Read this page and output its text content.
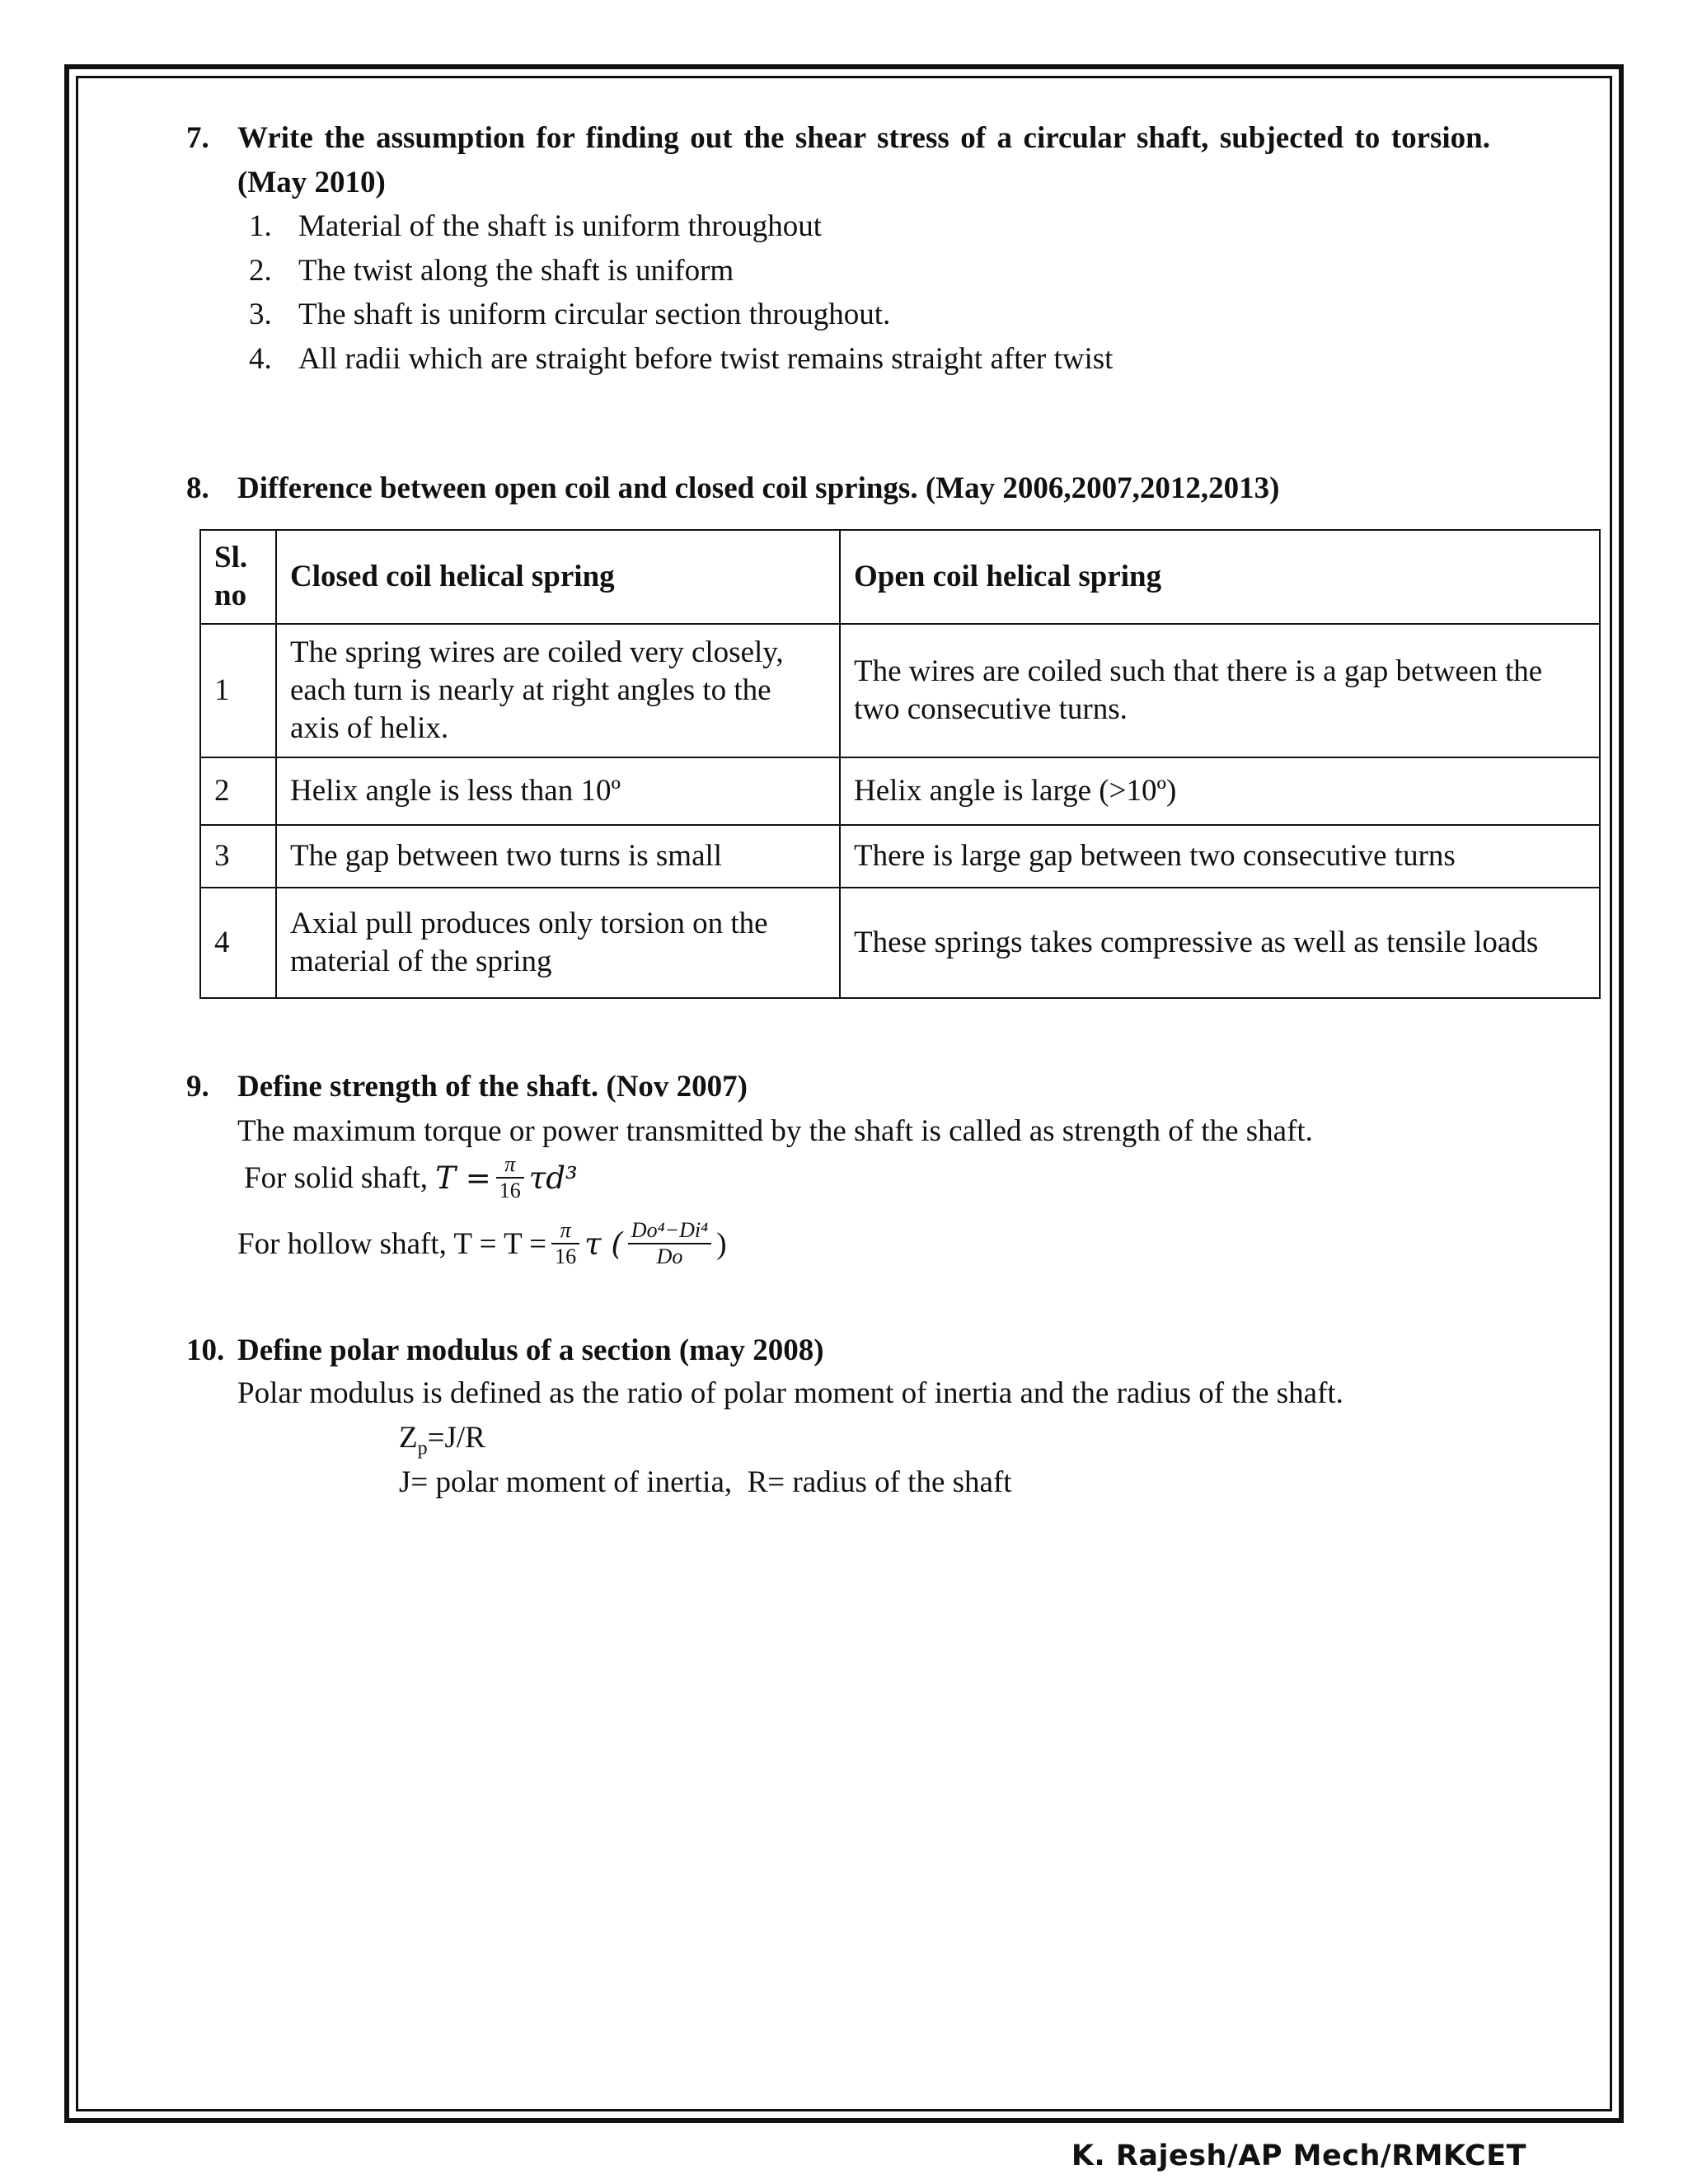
7. Write the assumption for finding out the shear stress of a circular shaft, subjected to torsion. (May 2010)
1. Material of the shaft is uniform throughout
2. The twist along the shaft is uniform
3. The shaft is uniform circular section throughout.
4. All radii which are straight before twist remains straight after twist
8. Difference between open coil and closed coil springs. (May 2006,2007,2012,2013)
Sl. no	Closed coil helical spring	Open coil helical spring
1	The spring wires are coiled very closely, each turn is nearly at right angles to the axis of helix.	The wires are coiled such that there is a gap between the two consecutive turns.
2	Helix angle is less than 10º	Helix angle is large (>10º)
3	The gap between two turns is small	There is large gap between two consecutive turns
4	Axial pull produces only torsion on the material of the spring	These springs takes compressive as well as tensile loads
9. Define strength of the shaft. (Nov 2007)
The maximum torque or power transmitted by the shaft is called as strength of the shaft.
For solid shaft,
$T = \frac{\pi}{16} \tau d^3$
For hollow shaft, $T = T = \frac{\pi}{16}$ τ ( $\frac{\text{Do⁴−Di⁴}}{Do}$ )
10. Define polar modulus of a section (may 2008)
Polar modulus is defined as the ratio of polar moment of inertia and the radius of the shaft.
$Z_p=J/R$
J= polar moment of inertia,  R= radius of the shaft
K. Rajesh/AP Mech/RMKCET
